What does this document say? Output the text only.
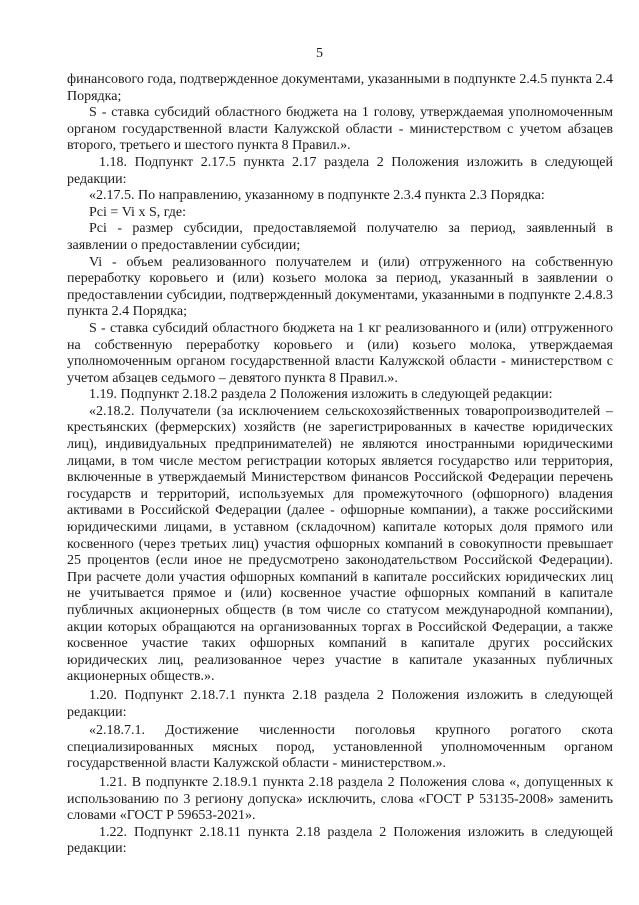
5

финансового года, подтвержденное документами, указанными в подпункте 2.4.5 пункта 2.4 Порядка;

S - ставка субсидий областного бюджета на 1 голову, утверждаемая уполномоченным органом государственной власти Калужской области - министерством с учетом абзацев второго, третьего и шестого пункта 8 Правил.».

1.18. Подпункт 2.17.5 пункта 2.17 раздела 2 Положения изложить в следующей редакции:

«2.17.5. По направлению, указанному в подпункте 2.3.4 пункта 2.3 Порядка:

Рсі = Vi х S, где:

Рсі - размер субсидии, предоставляемой получателю за период, заявленный в заявлении о предоставлении субсидии;

Vi - объем реализованного получателем и (или) отгруженного на собственную переработку коровьего и (или) козьего молока за период, указанный в заявлении о предоставлении субсидии, подтвержденный документами, указанными в подпункте 2.4.8.3 пункта 2.4 Порядка;

S - ставка субсидий областного бюджета на 1 кг реализованного и (или) отгруженного на собственную переработку коровьего и (или) козьего молока, утверждаемая уполномоченным органом государственной власти Калужской области - министерством с учетом абзацев седьмого – девятого пункта 8 Правил.».

1.19. Подпункт 2.18.2 раздела 2 Положения изложить в следующей редакции:

«2.18.2. Получатели (за исключением сельскохозяйственных товаропроизводителей – крестьянских (фермерских) хозяйств (не зарегистрированных в качестве юридических лиц), индивидуальных предпринимателей) не являются иностранными юридическими лицами, в том числе местом регистрации которых является государство или территория, включенные в утверждаемый Министерством финансов Российской Федерации перечень государств и территорий, используемых для промежуточного (офшорного) владения активами в Российской Федерации (далее - офшорные компании), а также российскими юридическими лицами, в уставном (складочном) капитале которых доля прямого или косвенного (через третьих лиц) участия офшорных компаний в совокупности превышает 25 процентов (если иное не предусмотрено законодательством Российской Федерации). При расчете доли участия офшорных компаний в капитале российских юридических лиц не учитывается прямое и (или) косвенное участие офшорных компаний в капитале публичных акционерных обществ (в том числе со статусом международной компании), акции которых обращаются на организованных торгах в Российской Федерации, а также косвенное участие таких офшорных компаний в капитале других российских юридических лиц, реализованное через участие в капитале указанных публичных акционерных обществ.».

1.20. Подпункт 2.18.7.1 пункта 2.18 раздела 2 Положения изложить в следующей редакции:

«2.18.7.1. Достижение численности поголовья крупного рогатого скота специализированных мясных пород, установленной уполномоченным органом государственной власти Калужской области - министерством.».

1.21. В подпункте 2.18.9.1 пункта 2.18 раздела 2 Положения слова «, допущенных к использованию по 3 региону допуска» исключить, слова «ГОСТ Р 53135-2008» заменить словами «ГОСТ Р 59653-2021».

1.22. Подпункт 2.18.11 пункта 2.18 раздела 2 Положения изложить в следующей редакции:
